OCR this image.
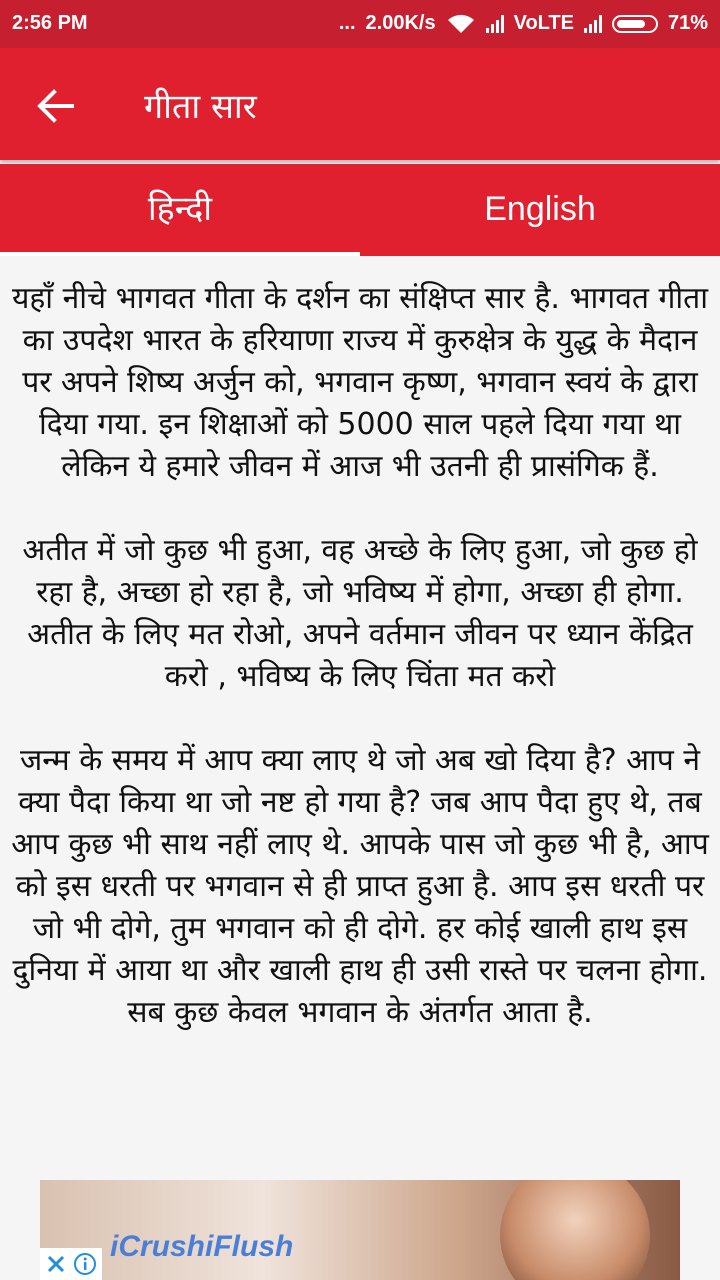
2:56 PM	... 2.00K/s	VoLTE	71%
गीता सार
हिन्दी	English

यहाँ नीचे भागवत गीता के दर्शन का संक्षिप्त सार है. भागवत गीता का उपदेश भारत के हरियाणा राज्य में कुरुक्षेत्र के युद्ध के मैदान पर अपने शिष्य अर्जुन को, भगवान कृष्ण, भगवान स्वयं के द्वारा दिया गया. इन शिक्षाओं को 5000 साल पहले दिया गया था लेकिन ये हमारे जीवन में आज भी उतनी ही प्रासंगिक हैं.

अतीत में जो कुछ भी हुआ, वह अच्छे के लिए हुआ, जो कुछ हो रहा है, अच्छा हो रहा है, जो भविष्य में होगा, अच्छा ही होगा. अतीत के लिए मत रोओ, अपने वर्तमान जीवन पर ध्यान केंद्रित करो , भविष्य के लिए चिंता मत करो

जन्म के समय में आप क्या लाए थे जो अब खो दिया है? आप ने क्या पैदा किया था जो नष्ट हो गया है? जब आप पैदा हुए थे, तब आप कुछ भी साथ नहीं लाए थे. आपके पास जो कुछ भी है, आप को इस धरती पर भगवान से ही प्राप्त हुआ है. आप इस धरती पर जो भी दोगे, तुम भगवान को ही दोगे. हर कोई खाली हाथ इस दुनिया में आया था और खाली हाथ ही उसी रास्ते पर चलना होगा. सब कुछ केवल भगवान के अंतर्गत आता है.

iCrushiFlush
